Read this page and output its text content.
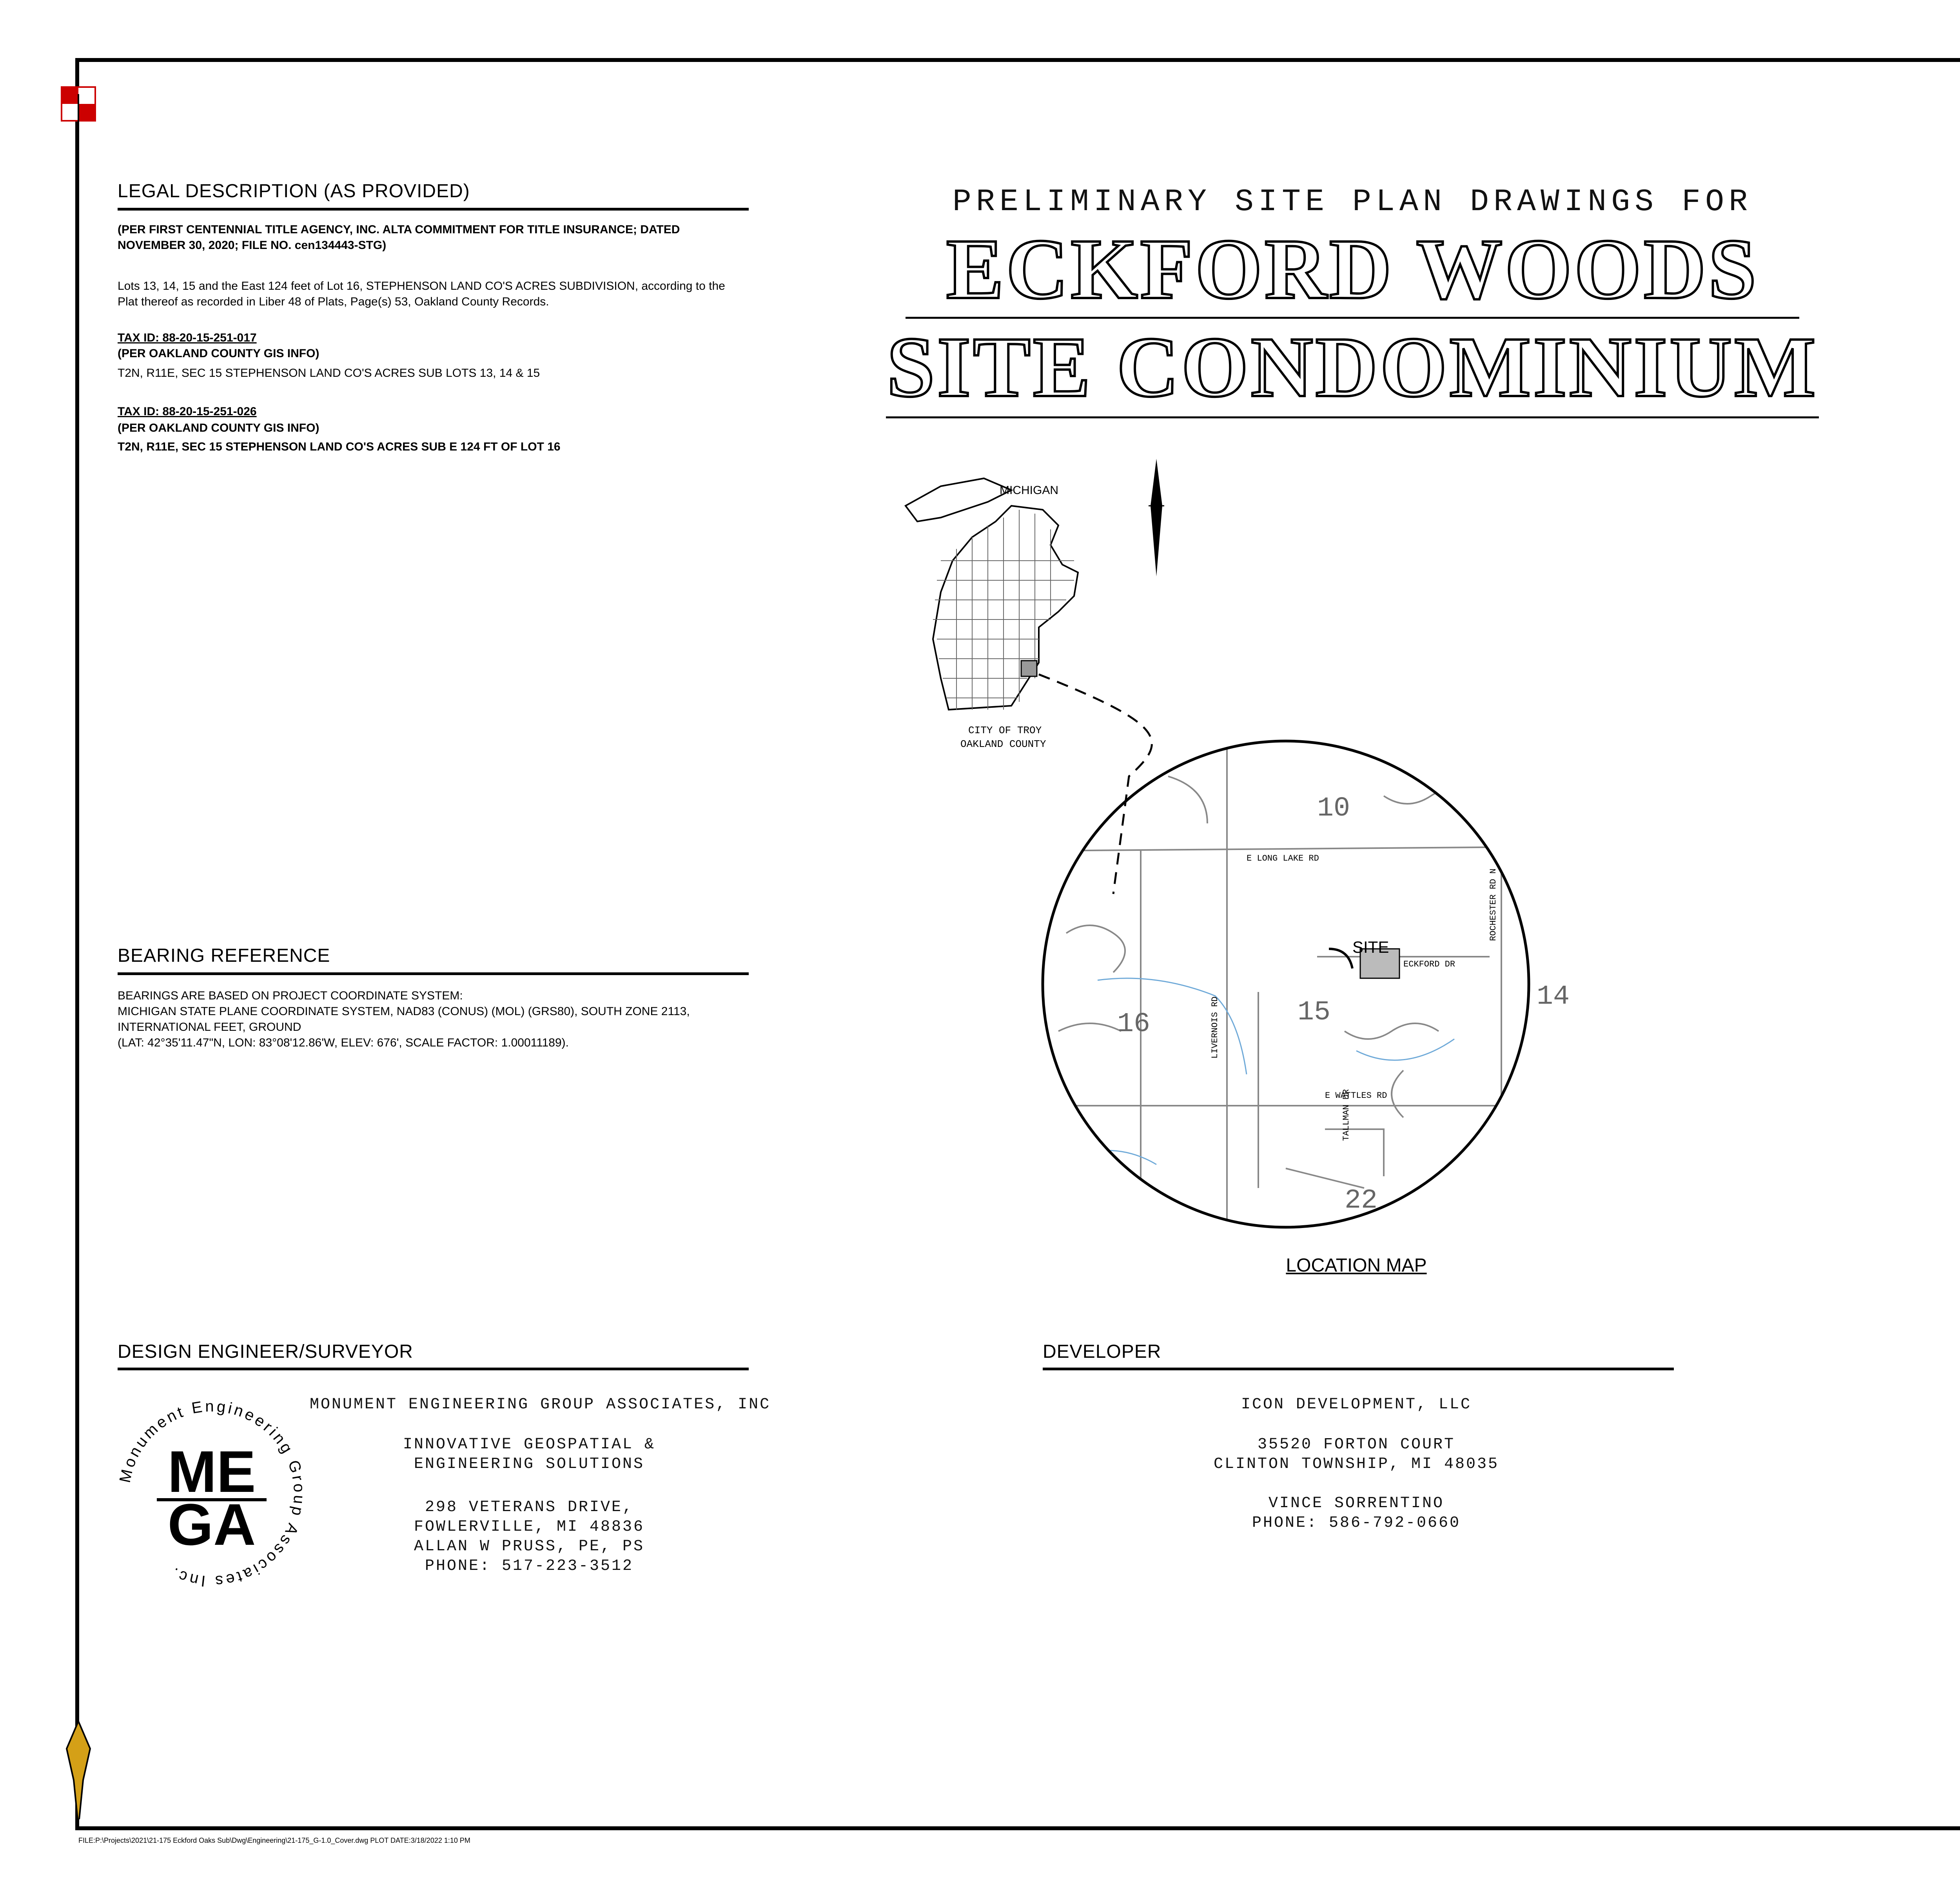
LEGAL DESCRIPTION (AS PROVIDED)
(PER FIRST CENTENNIAL TITLE AGENCY, INC. ALTA COMMITMENT FOR TITLE INSURANCE; DATED NOVEMBER 30, 2020; FILE NO. cen134443-STG)
Lots 13, 14, 15 and the East 124 feet of Lot 16, STEPHENSON LAND CO'S ACRES SUBDIVISION, according to the Plat thereof as recorded in Liber 48 of Plats, Page(s) 53, Oakland County Records.
TAX ID: 88-20-15-251-017
(PER OAKLAND COUNTY GIS INFO)
T2N, R11E, SEC 15 STEPHENSON LAND CO'S ACRES SUB LOTS 13, 14 & 15
TAX ID: 88-20-15-251-026
(PER OAKLAND COUNTY GIS INFO)
T2N, R11E, SEC 15 STEPHENSON LAND CO'S ACRES SUB E 124 FT OF LOT 16
BEARING REFERENCE
BEARINGS ARE BASED ON PROJECT COORDINATE SYSTEM:
MICHIGAN STATE PLANE COORDINATE SYSTEM, NAD83 (CONUS) (MOL) (GRS80), SOUTH ZONE 2113,
INTERNATIONAL FEET, GROUND
(LAT: 42°35'11.47"N, LON: 83°08'12.86'W, ELEV: 676', SCALE FACTOR: 1.00011189).
PRELIMINARY SITE PLAN DRAWINGS FOR
ECKFORD WOODS
SITE CONDOMINIUM
MICHIGAN
CITY OF TROY
OAKLAND COUNTY
SITE
10
14
15
16
22
E LONG LAKE RD
ECKFORD DR
E WATTLES RD
ROCHESTER RD N
LIVERNOIS RD
TALLMAN DR
LOCATION MAP
DESIGN ENGINEER/SURVEYOR
Monument Engineering Group Associates Inc.
ME
GA
MONUMENT ENGINEERING GROUP ASSOCIATES, INC
INNOVATIVE GEOSPATIAL &
ENGINEERING SOLUTIONS
298 VETERANS DRIVE,
FOWLERVILLE, MI 48836
ALLAN W PRUSS, PE, PS
PHONE: 517-223-3512
DEVELOPER
ICON DEVELOPMENT, LLC
35520 FORTON COURT
CLINTON TOWNSHIP, MI 48035
VINCE SORRENTINO
PHONE: 586-792-0660
FILE:P:\Projects\2021\21-175 Eckford Oaks Sub\Dwg\Engineering\21-175_G-1.0_Cover.dwg PLOT DATE:3/18/2022 1:10 PM
